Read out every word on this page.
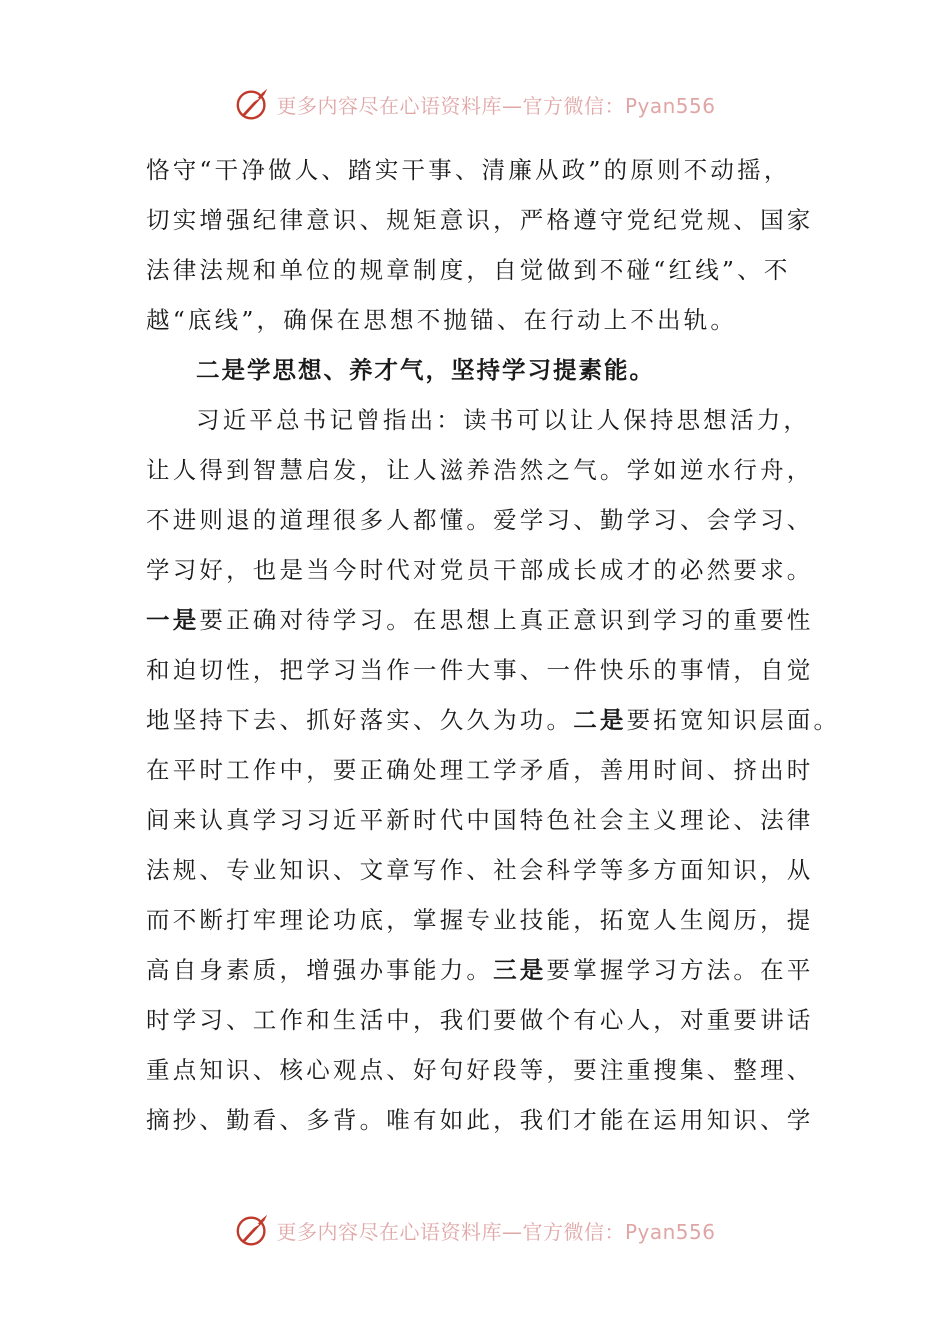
更多内容尽在心语资料库—官方微信：Pyan556
恪守“干净做人、踏实干事、清廉从政”的原则不动摇，
切实增强纪律意识、规矩意识，严格遵守党纪党规、国家
法律法规和单位的规章制度，自觉做到不碰“红线”、不
越“底线”，确保在思想不抛锚、在行动上不出轨。
二是学思想、养才气，坚持学习提素能。
习近平总书记曾指出：读书可以让人保持思想活力，
让人得到智慧启发，让人滋养浩然之气。学如逆水行舟，
不进则退的道理很多人都懂。爱学习、勤学习、会学习、
学习好，也是当今时代对党员干部成长成才的必然要求。
一是要正确对待学习。在思想上真正意识到学习的重要性
和迫切性，把学习当作一件大事、一件快乐的事情，自觉
地坚持下去、抓好落实、久久为功。二是要拓宽知识层面。
在平时工作中，要正确处理工学矛盾，善用时间、挤出时
间来认真学习习近平新时代中国特色社会主义理论、法律
法规、专业知识、文章写作、社会科学等多方面知识，从
而不断打牢理论功底，掌握专业技能，拓宽人生阅历，提
高自身素质，增强办事能力。三是要掌握学习方法。在平
时学习、工作和生活中，我们要做个有心人，对重要讲话
重点知识、核心观点、好句好段等，要注重搜集、整理、
摘抄、勤看、多背。唯有如此，我们才能在运用知识、学
更多内容尽在心语资料库—官方微信：Pyan556
